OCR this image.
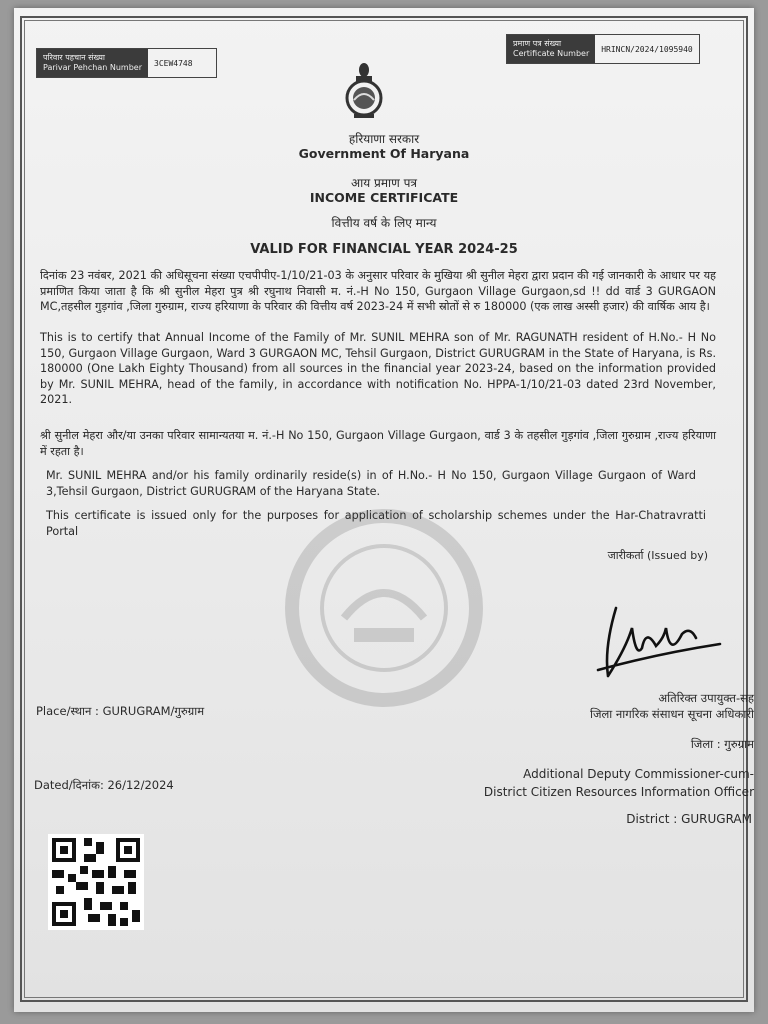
परिवार पहचान संख्या
Parivar Pehchan Number	3CEW4748
प्रमाण पत्र संख्या
Certificate Number	HRINCN/2024/1095940
हरियाणा सरकार
Government Of Haryana
आय प्रमाण पत्र
INCOME CERTIFICATE
वित्तीय वर्ष के लिए मान्य
VALID FOR FINANCIAL YEAR 2024-25
दिनांक 23 नवंबर, 2021 की अधिसूचना संख्या एचपीपीए-1/10/21-03 के अनुसार परिवार के मुखिया श्री सुनील मेहरा द्वारा प्रदान की गई जानकारी के आधार पर यह प्रमाणित किया जाता है कि श्री सुनील मेहरा पुत्र श्री रघुनाथ निवासी म. नं.-H No 150, Gurgaon Village Gurgaon,sd !! dd वार्ड 3 GURGAON MC,तहसील गुड़गांव ,जिला गुरुग्राम, राज्य हरियाणा के परिवार की वित्तीय वर्ष 2023-24 में सभी स्रोतों से रु 180000 (एक लाख अस्सी हजार) की वार्षिक आय है।
This is to certify that Annual Income of the Family of Mr. SUNIL MEHRA son of Mr. RAGUNATH resident of H.No.- H No 150, Gurgaon Village Gurgaon, Ward 3 GURGAON MC, Tehsil Gurgaon, District GURUGRAM in the State of Haryana, is Rs. 180000 (One Lakh Eighty Thousand) from all sources in the financial year 2023-24, based on the information provided by Mr. SUNIL MEHRA, head of the family, in accordance with notification No. HPPA-1/10/21-03 dated 23rd November, 2021.
श्री सुनील मेहरा और/या उनका परिवार सामान्यतया म. नं.-H No 150, Gurgaon Village Gurgaon, वार्ड 3 के तहसील गुड़गांव ,जिला गुरुग्राम ,राज्य हरियाणा में रहता है।
Mr. SUNIL MEHRA and/or his family ordinarily reside(s) in of H.No.- H No 150, Gurgaon Village Gurgaon of Ward 3,Tehsil Gurgaon, District GURUGRAM of the Haryana State.
This certificate is issued only for the purposes for application of scholarship schemes under the Har-Chatravratti Portal
जारीकर्ता (Issued by)
Place/स्थान : GURUGRAM/गुरुग्राम
Dated/दिनांक: 26/12/2024
अतिरिक्त उपायुक्त-सह
जिला नागरिक संसाधन सूचना अधिकारी
जिला : गुरुग्राम
Additional Deputy Commissioner-cum-
District Citizen Resources Information Officer
District : GURUGRAM
